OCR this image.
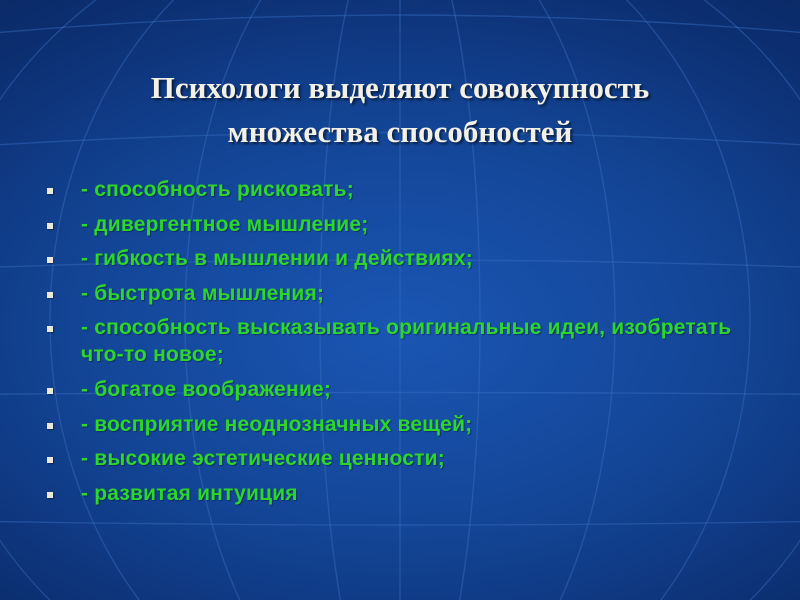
Психологи выделяют совокупность
множества способностей
- способность рисковать;
- дивергентное мышление;
- гибкость в мышлении и действиях;
- быстрота мышления;
- способность высказывать оригинальные идеи, изобретать что-то новое;
- богатое воображение;
- восприятие неоднозначных вещей;
- высокие эстетические ценности;
- развитая интуиция
